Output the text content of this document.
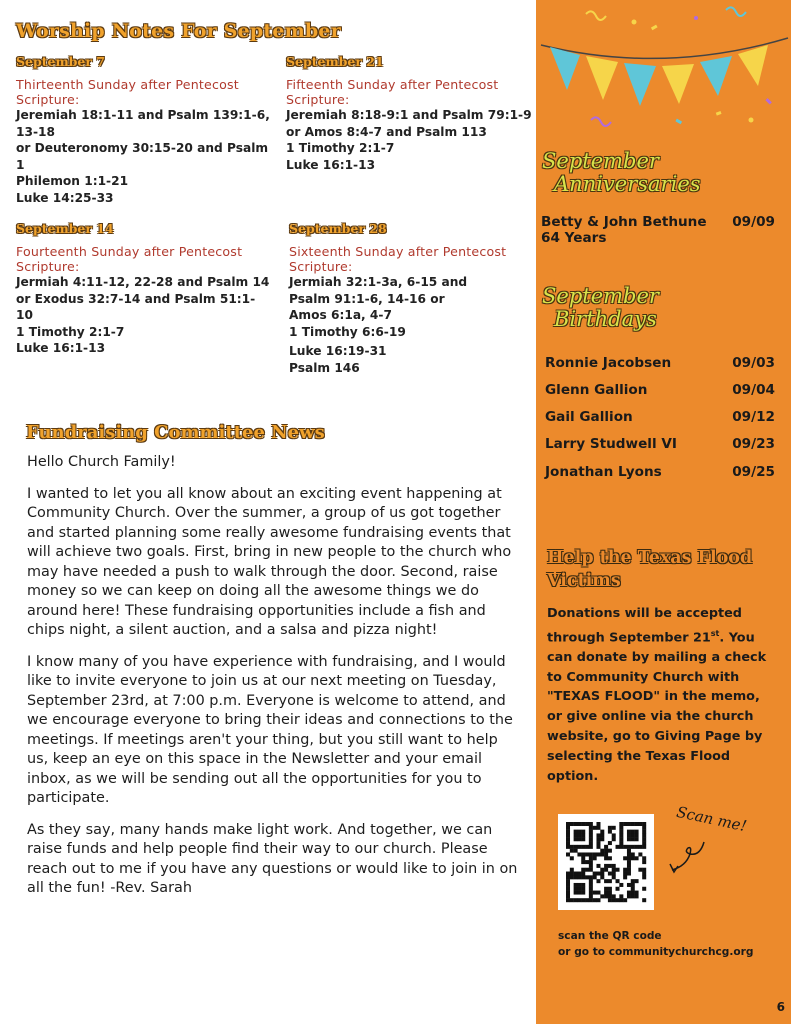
Worship Notes For September
September 7
Thirteenth Sunday after Pentecost
Scripture:
Jeremiah 18:1-11 and Psalm 139:1-6,
13-18
or Deuteronomy 30:15-20 and Psalm 1
Philemon 1:1-21
Luke 14:25-33
September 21
Fifteenth Sunday after Pentecost
Scripture:
Jeremiah 8:18-9:1 and Psalm 79:1-9
or Amos 8:4-7 and Psalm 113
1 Timothy 2:1-7
Luke 16:1-13
September 14
Fourteenth Sunday after Pentecost
Scripture:
Jermiah 4:11-12, 22-28 and Psalm 14
or Exodus 32:7-14 and Psalm 51:1-10
1 Timothy 2:1-7
Luke 16:1-13
September 28
Sixteenth Sunday after Pentecost
Scripture:
Jermiah 32:1-3a, 6-15 and
Psalm 91:1-6, 14-16 or
Amos 6:1a, 4-7
1 Timothy 6:6-19
Luke 16:19-31
Psalm 146
Fundraising Committee News

Hello Church Family!

I wanted to let you all know about an exciting event happening at Community Church. Over the summer, a group of us got together and started planning some really awesome fundraising events that will achieve two goals. First, bring in new people to the church who may have needed a push to walk through the door. Second, raise money so we can keep on doing all the awesome things we do around here! These fundraising opportunities include a fish and chips night, a silent auction, and a salsa and pizza night!

I know many of you have experience with fundraising, and I would like to invite everyone to join us at our next meeting on Tuesday, September 23rd, at 7:00 p.m. Everyone is welcome to attend, and we encourage everyone to bring their ideas and connections to the meetings. If meetings aren't your thing, but you still want to help us, keep an eye on this space in the Newsletter and your email inbox, as we will be sending out all the opportunities for you to participate.

As they say, many hands make light work. And together, we can raise funds and help people find their way to our church. Please reach out to me if you have any questions or would like to join in on all the fun! -Rev. Sarah

September
Anniversaries
Betty & John Bethune
64 Years
09/09
September
Birthdays
Ronnie Jacobsen	09/03
Glenn Gallion	09/04
Gail Gallion	09/12
Larry Studwell VI	09/23
Jonathan Lyons	09/25
Help the Texas Flood
Victims
Donations will be accepted through September 21st. You can donate by mailing a check to Community Church with "TEXAS FLOOD" in the memo, or give online via the church website, go to Giving Page by selecting the Texas Flood option.
Scan me!
scan the QR code
or go to communitychurchcg.org
6
